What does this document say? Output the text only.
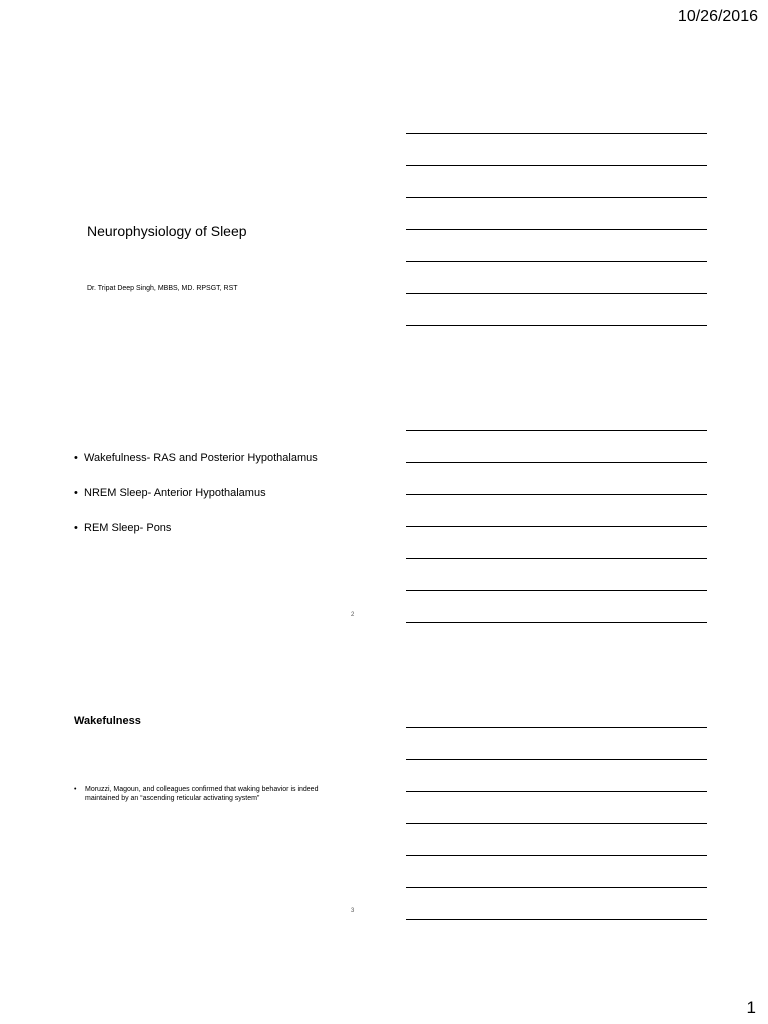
10/26/2016
Neurophysiology of Sleep
Dr. Tripat Deep Singh, MBBS, MD. RPSGT, RST
• Wakefulness- RAS and Posterior Hypothalamus
• NREM Sleep- Anterior Hypothalamus
• REM Sleep- Pons
2
Wakefulness
•	Moruzzi, Magoun, and colleagues confirmed that waking behavior is indeed maintained by an “ascending reticular activating system”
3
1
